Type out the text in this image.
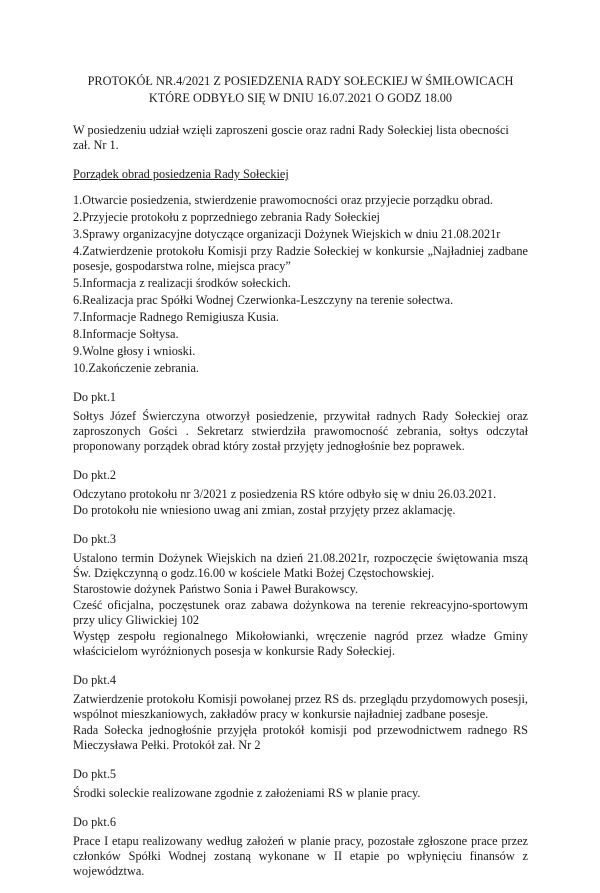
PROTOKÓŁ NR.4/2021 Z POSIEDZENIA RADY SOŁECKIEJ W ŚMIŁOWICACH

KTÓRE ODBYŁO SIĘ W DNIU 16.07.2021 O GODZ 18.00

W posiedzeniu udział wzięli zaproszeni goscie oraz radni Rady Sołeckiej lista obecności zał. Nr 1.

Porządek obrad posiedzenia Rady Sołeckiej

1.Otwarcie posiedzenia, stwierdzenie prawomocności oraz przyjecie porządku obrad.
2.Przyjecie protokołu z poprzedniego zebrania Rady Sołeckiej
3.Sprawy organizacyjne dotyczące organizacji Dożynek Wiejskich w dniu 21.08.2021r
4.Zatwierdzenie protokołu Komisji przy Radzie Sołeckiej w konkursie „Najładniej zadbane posesje, gospodarstwa rolne, miejsca pracy”
5.Informacja z realizacji środków sołeckich.
6.Realizacja prac Spółki Wodnej Czerwionka-Leszczyny na terenie sołectwa.
7.Informacje Radnego Remigiusza Kusia.
8.Informacje Sołtysa.
9.Wolne głosy i wnioski.
10.Zakończenie zebrania.

Do pkt.1

Sołtys Józef Świerczyna otworzył posiedzenie, przywitał radnych Rady Sołeckiej oraz zaproszonych Gości . Sekretarz stwierdziła prawomocność zebrania, sołtys odczytał proponowany porządek obrad który został przyjęty jednogłośnie bez poprawek.

Do pkt.2

Odczytano protokołu nr 3/2021 z posiedzenia RS które odbyło się w dniu 26.03.2021.

Do protokołu nie wniesiono uwag ani zmian, został przyjęty przez aklamację.

Do pkt.3

Ustalono termin Dożynek Wiejskich na dzień 21.08.2021r, rozpoczęcie świętowania mszą Św. Dziękczynną o godz.16.00 w kościele Matki Bożej Częstochowskiej.

Starostowie dożynek Państwo Sonia i Paweł Burakowscy.

Cześć oficjalna, poczęstunek oraz zabawa dożynkowa na terenie rekreacyjno-sportowym przy ulicy Gliwickiej 102

Występ zespołu regionalnego Mikołowianki, wręczenie nagród przez władze Gminy właścicielom wyróżnionych posesja w konkursie Rady Sołeckiej.

Do pkt.4

Zatwierdzenie protokołu Komisji powołanej przez RS ds. przeglądu przydomowych posesji, wspólnot mieszkaniowych, zakładów pracy w konkursie najładniej zadbane posesje.

Rada Sołecka jednogłośnie przyjęła protokół komisji pod przewodnictwem radnego RS Mieczysława Pełki. Protokół zał. Nr 2

Do pkt.5

Środki soleckie realizowane zgodnie z założeniami RS w planie pracy.

Do pkt.6

Prace I etapu realizowany według założeń w planie pracy, pozostałe zgłoszone prace przez członków Spółki Wodnej zostaną wykonane w II etapie po wpłynięciu finansów z województwa.
